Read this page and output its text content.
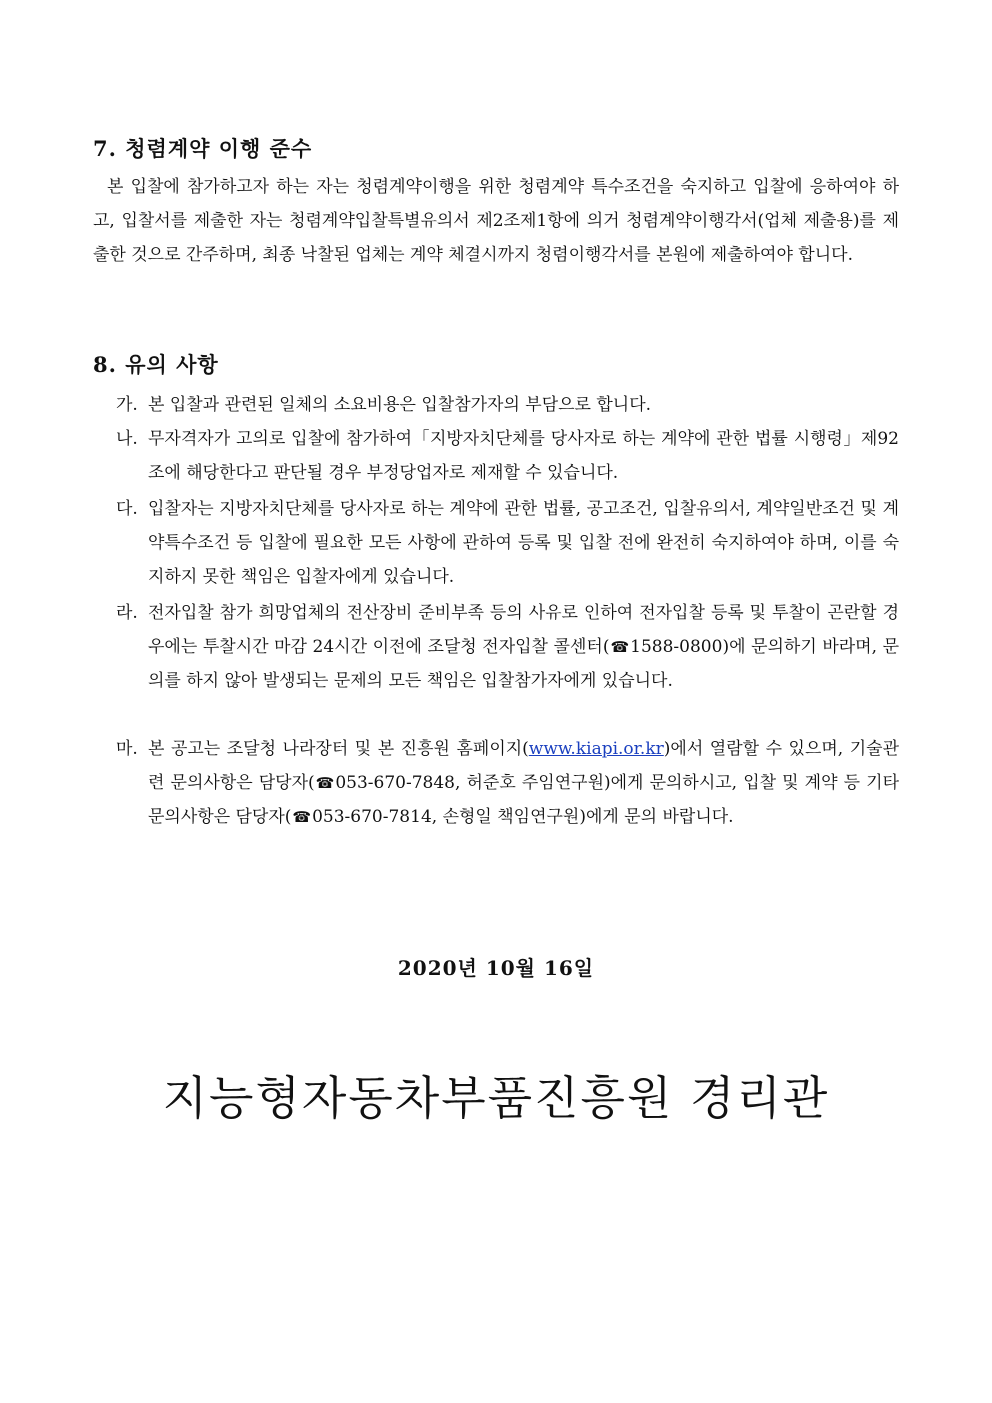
7. 청렴계약 이행 준수
본 입찰에 참가하고자 하는 자는 청렴계약이행을 위한 청렴계약 특수조건을 숙지하고 입찰에 응하여야 하고, 입찰서를 제출한 자는 청렴계약입찰특별유의서 제2조제1항에 의거 청렴계약이행각서(업체 제출용)를 제출한 것으로 간주하며, 최종 낙찰된 업체는 계약 체결시까지 청렴이행각서를 본원에 제출하여야 합니다.
8. 유의 사항
가. 본 입찰과 관련된 일체의 소요비용은 입찰참가자의 부담으로 합니다.
나. 무자격자가 고의로 입찰에 참가하여「지방자치단체를 당사자로 하는 계약에 관한 법률 시행령」제92조에 해당한다고 판단될 경우 부정당업자로 제재할 수 있습니다.
다. 입찰자는 지방자치단체를 당사자로 하는 계약에 관한 법률, 공고조건, 입찰유의서, 계약일반조건 및 계약특수조건 등 입찰에 필요한 모든 사항에 관하여 등록 및 입찰 전에 완전히 숙지하여야 하며, 이를 숙지하지 못한 책임은 입찰자에게 있습니다.
라. 전자입찰 참가 희망업체의 전산장비 준비부족 등의 사유로 인하여 전자입찰 등록 및 투찰이 곤란할 경우에는 투찰시간 마감 24시간 이전에 조달청 전자입찰 콜센터(☎1588-0800)에 문의하기 바라며, 문의를 하지 않아 발생되는 문제의 모든 책임은 입찰참가자에게 있습니다.
마. 본 공고는 조달청 나라장터 및 본 진흥원 홈페이지(www.kiapi.or.kr)에서 열람할 수 있으며, 기술관련 문의사항은 담당자(☎053-670-7848, 허준호 주임연구원)에게 문의하시고, 입찰 및 계약 등 기타 문의사항은 담당자(☎053-670-7814, 손형일 책임연구원)에게 문의 바랍니다.
2020년 10월 16일
지능형자동차부품진흥원 경리관
